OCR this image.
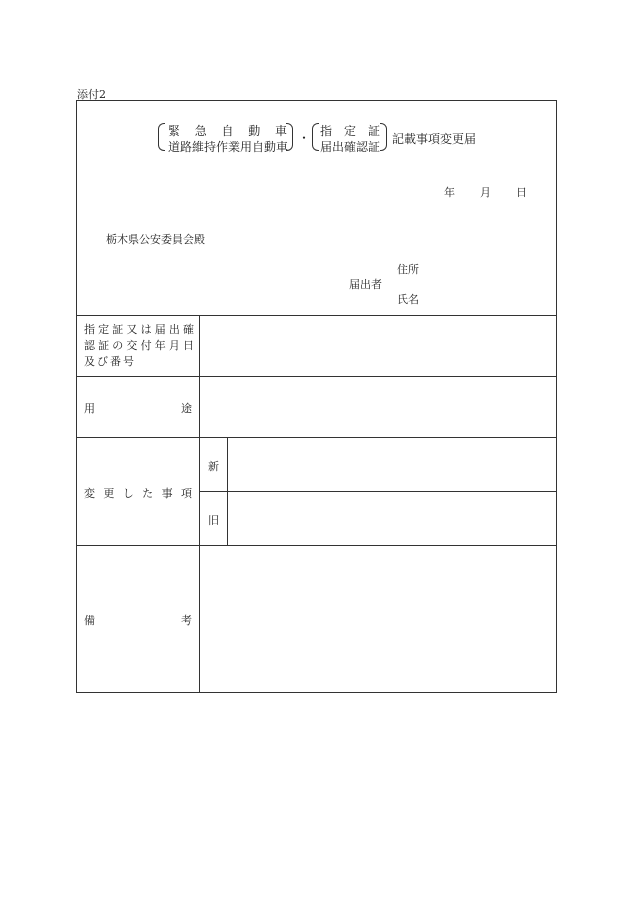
添付2
緊 急 自 動 車
道路維持作業用自動車
・ 指 定 証
届出確認証
記載事項変更届
年 月 日
栃木県公安委員会殿
住所
届出者
氏名
指 定 証 又 は 届 出 確
認 証 の 交 付 年 月 日
及び番号
用	途
変 更 し た 事 項
新
旧
備	考
